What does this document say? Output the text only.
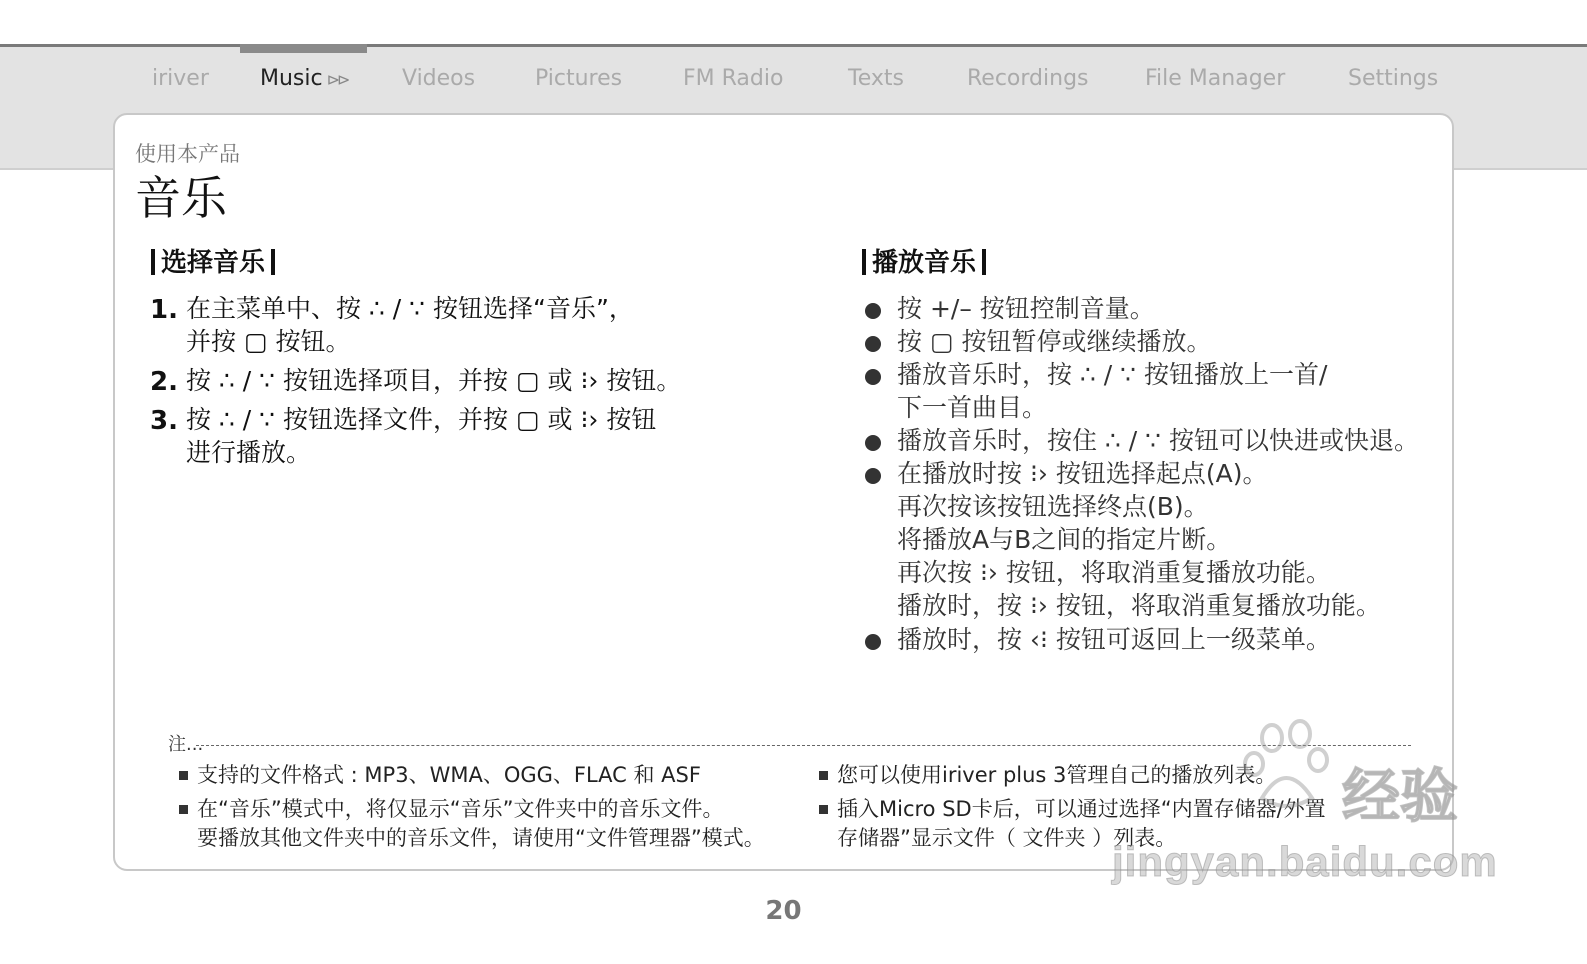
iriver Music ⊳⊳ Videos	Pictures	FM Radio	Texts	Recordings	File Manager	Settings
使用本产品
音乐
选择音乐
1. 在主菜单中、按 ∴ / ∵ 按钮选择“音乐”，
并按 ▢ 按钮。
2. 按 ∴ / ∵ 按钮选择项目，并按 ▢ 或 ⁝› 按钮。
3. 按 ∴ / ∵ 按钮选择文件，并按 ▢ 或 ⁝› 按钮
进行播放。
播放音乐
按 +/– 按钮控制音量。
按 ▢ 按钮暂停或继续播放。
播放音乐时，按 ∴ / ∵ 按钮播放上一首/
下一首曲目。
播放音乐时，按住 ∴ / ∵ 按钮可以快进或快退。
在播放时按 ⁝› 按钮选择起点(A)。
再次按该按钮选择终点(B)。
将播放A与B之间的指定片断。
再次按 ⁝› 按钮，将取消重复播放功能。
播放时，按 ⁝› 按钮，将取消重复播放功能。
播放时，按 ‹⁝ 按钮可返回上一级菜单。
注...
支持的文件格式 : MP3、WMA、OGG、FLAC 和 ASF
在“音乐”模式中，将仅显示“音乐”文件夹中的音乐文件。
要播放其他文件夹中的音乐文件，请使用“文件管理器”模式。
您可以使用iriver plus 3管理自己的播放列表。
插入Micro SD卡后，可以通过选择“内置存储器/外置
存储器”显示文件（ 文件夹 ）列表。
20
经验
jingyan.baidu.com
